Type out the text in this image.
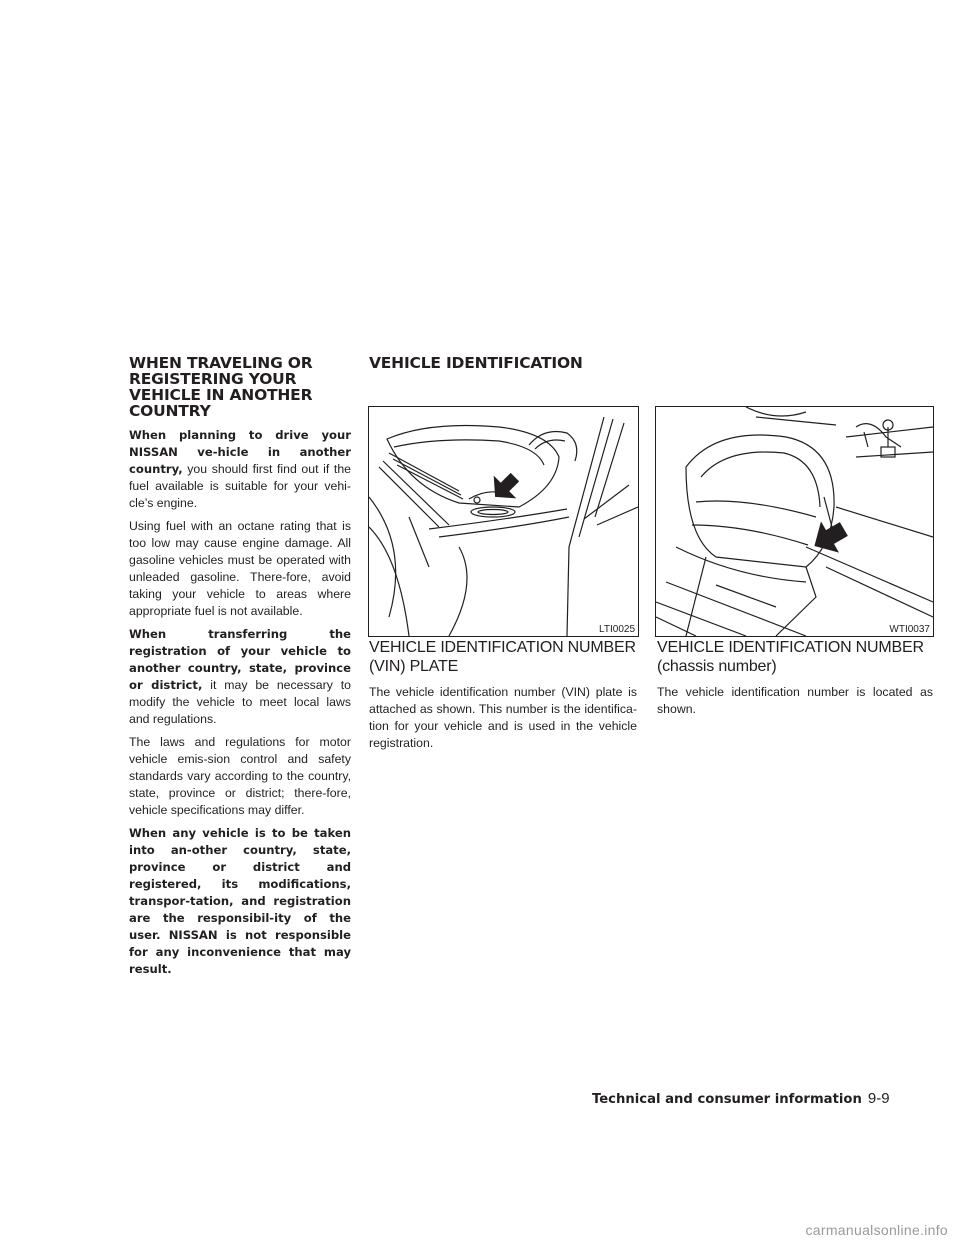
WHEN TRAVELING OR REGISTERING YOUR VEHICLE IN ANOTHER COUNTRY

When planning to drive your NISSAN ve-hicle in another country, you should first find out if the fuel available is suitable for your vehi-cle’s engine.

Using fuel with an octane rating that is too low may cause engine damage. All gasoline vehicles must be operated with unleaded gasoline. There-fore, avoid taking your vehicle to areas where appropriate fuel is not available.

When transferring the registration of your vehicle to another country, state, province or district, it may be necessary to modify the vehicle to meet local laws and regulations.

The laws and regulations for motor vehicle emis-sion control and safety standards vary according to the country, state, province or district; there-fore, vehicle specifications may differ.

When any vehicle is to be taken into an-other country, state, province or district and registered, its modifications, transpor-tation, and registration are the responsibil-ity of the user. NISSAN is not responsible for any inconvenience that may result.

VEHICLE IDENTIFICATION
LTI0025	WTI0037
VEHICLE IDENTIFICATION NUMBER
(VIN) PLATE

The vehicle identification number (VIN) plate is attached as shown. This number is the identifica-tion for your vehicle and is used in the vehicle registration.

VEHICLE IDENTIFICATION NUMBER
(chassis number)

The vehicle identification number is located as shown.

Technical and consumer information 9-9
carmanualsonline.info
